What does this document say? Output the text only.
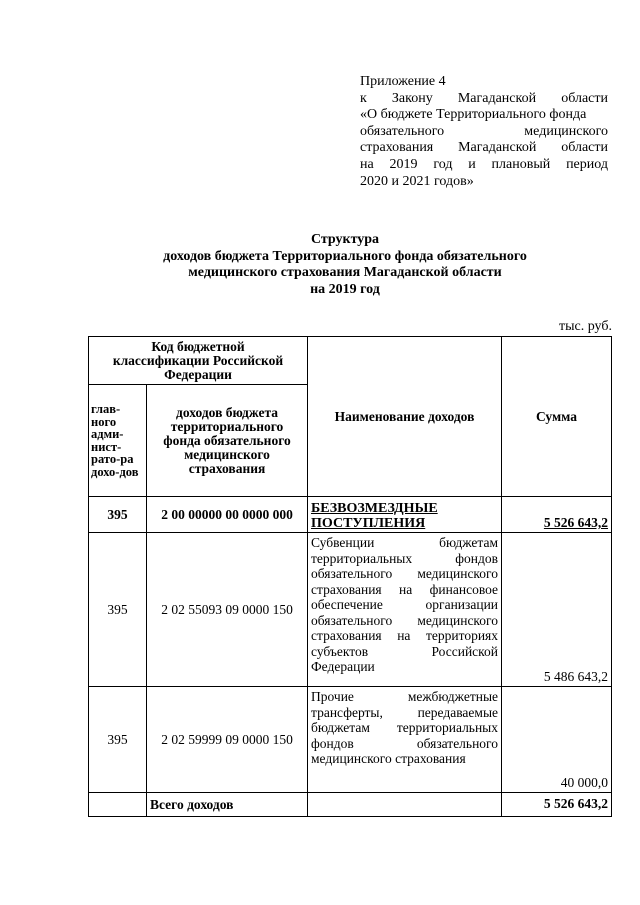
Приложение 4
к Закону Магаданской области
«О бюджете Территориального фонда
обязательного медицинского
страхования Магаданской области
на 2019 год и плановый период
2020 и 2021 годов»
Структура
доходов бюджета Территориального фонда обязательного
медицинского страхования Магаданской области
на 2019 год
тыс. руб.
Код бюджетной классификации Российской Федерации		Наименование доходов	Сумма
глав-ного адми-нист-рато-ра дохо-дов	доходов бюджета территориального фонда обязательного медицинского страхования		
395	2 00 00000 00 0000 000	БЕЗВОЗМЕЗДНЫЕ ПОСТУПЛЕНИЯ	5 526 643,2
395	2 02 55093 09 0000 150	Субвенции бюджетам территориальных фондов обязательного медицинского страхования на финансовое обеспечение организации обязательного медицинского страхования на территориях субъектов Российской Федерации	5 486 643,2
395	2 02 59999 09 0000 150	Прочие межбюджетные трансферты, передаваемые бюджетам территориальных фондов обязательного медицинского страхования	40 000,0
	Всего доходов		5 526 643,2
